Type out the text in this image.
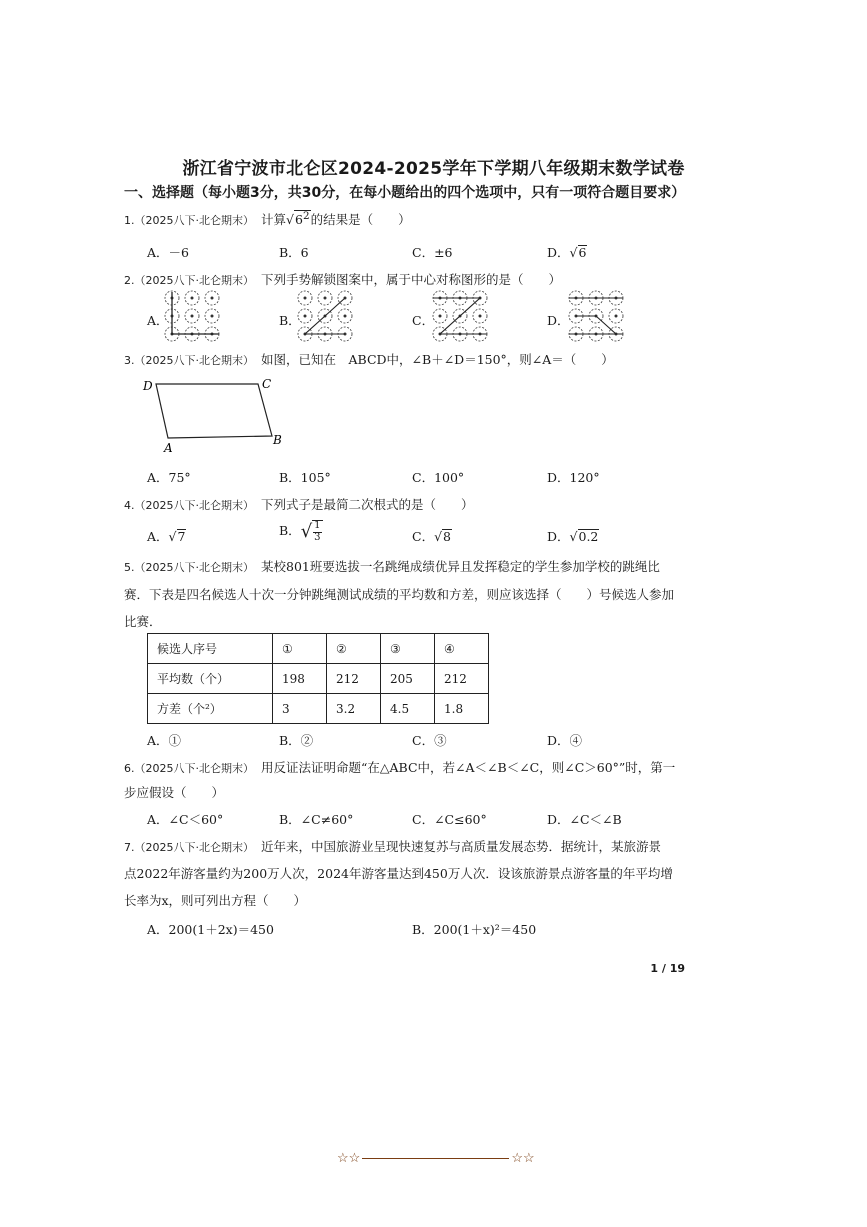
浙江省宁波市北仑区2024-2025学年下学期八年级期末数学试卷
一、选择题（每小题3分，共30分，在每小题给出的四个选项中，只有一项符合题目要求）
1.（2025八下·北仑期末）　 计算$√6^2$的结果是（　　）
A．－6	B．6	C．±6	D．√6
2.（2025八下·北仑期末）　 下列手势解锁图案中，属于中心对称图形的是（　　）
A．	B．	C．	D．
3.（2025八下·北仑期末）　 如图，已知在　ABCD中，∠B＋∠D＝150°，则∠A＝（　　）
D	C
A
B
A．75°	B．105°	C．100°	D．120°
4.（2025八下·北仑期末）　 下列式子是最简二次根式的是（　　）
A．√7	B．√ $\frac{1}{3}$	C．√8	D．√0.2
5.（2025八下·北仑期末）　 某校801班要选拔一名跳绳成绩优异且发挥稳定的学生参加学校的跳绳比
赛．下表是四名候选人十次一分钟跳绳测试成绩的平均数和方差，则应该选择（　　）号候选人参加
比赛．
候选人序号	①	②	③	④
平均数（个）	198	212	205	212
方差（个²）	3	3.2	4.5	1.8
A．①	B．②	C．③	D．④
6.（2025八下·北仑期末）　 用反证法证明命题“在△ABC中，若∠A＜∠B＜∠C，则∠C＞60°”时，第一
步应假设（　　）
A．∠C＜60°	B．∠C≠60°	C．∠C≤60°	D．∠C＜∠B
7.（2025八下·北仑期末）　 近年来，中国旅游业呈现快速复苏与高质量发展态势．据统计，某旅游景
点2022年游客量约为200万人次，2024年游客量达到450万人次．设该旅游景点游客量的年平均增
长率为x，则可列出方程（　　）
A．200(1＋2x)＝450	B．200(1＋x)²＝450
1 / 19
☆☆	☆☆
